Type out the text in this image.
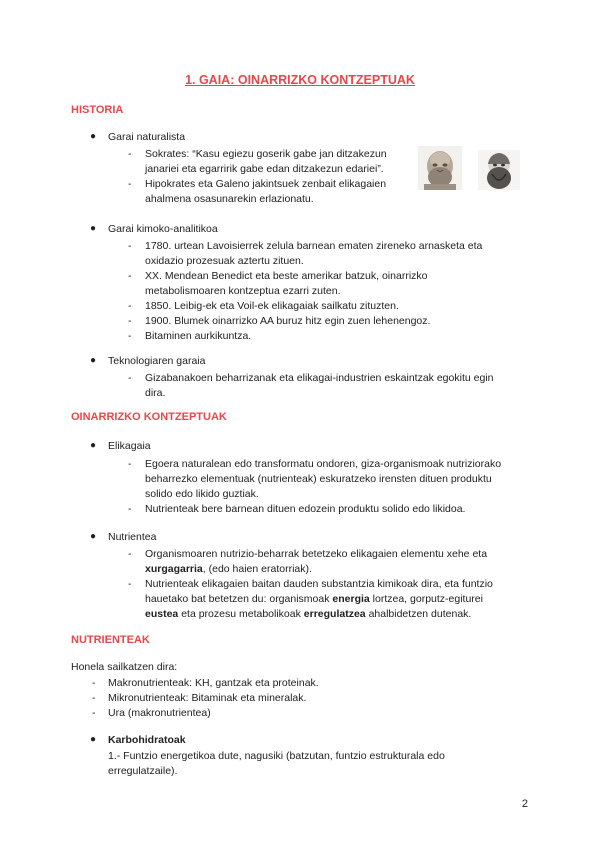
1. GAIA: OINARRIZKO KONTZEPTUAK
HISTORIA
● Garai naturalista
- Sokrates: “Kasu egiezu goserik gabe jan ditzakezun
janariei eta egarririk gabe edan ditzakezun edariei”.
- Hipokrates eta Galeno jakintsuek zenbait elikagaien
ahalmena osasunarekin erlazionatu.
● Garai kimoko-analitikoa
- 1780. urtean Lavoisierrek zelula barnean ematen zireneko arnasketa eta
oxidazio prozesuak aztertu zituen.
- XX. Mendean Benedict eta beste amerikar batzuk, oinarrizko
metabolismoaren kontzeptua ezarri zuten.
- 1850. Leibig-ek eta Voil-ek elikagaiak sailkatu zituzten.
- 1900. Blumek oinarrizko AA buruz hitz egin zuen lehenengoz.
- Bitaminen aurkikuntza.
● Teknologiaren garaia
- Gizabanakoen beharrizanak eta elikagai-industrien eskaintzak egokitu egin
dira.
OINARRIZKO KONTZEPTUAK
● Elikagaia
- Egoera naturalean edo transformatu ondoren, giza-organismoak nutriziorako
beharrezko elementuak (nutrienteak) eskuratzeko irensten dituen produktu
solido edo likido guztiak.
- Nutrienteak bere barnean dituen edozein produktu solido edo likidoa.
● Nutrientea
- Organismoaren nutrizio-beharrak betetzeko elikagaien elementu xehe eta
xurgagarria, (edo haien eratorriak).
- Nutrienteak elikagaien baitan dauden substantzia kimikoak dira, eta funtzio
hauetako bat betetzen du: organismoak energia lortzea, gorputz-egiturei
eustea eta prozesu metabolikoak erregulatzea ahalbidetzen dutenak.
NUTRIENTEAK
Honela sailkatzen dira:
- Makronutrienteak: KH, gantzak eta proteinak.
- Mikronutrienteak: Bitaminak eta mineralak.
- Ura (makronutrientea)
● Karbohidratoak
1.- Funtzio energetikoa dute, nagusiki (batzutan, funtzio estrukturala edo
erregulatzaile).
2
